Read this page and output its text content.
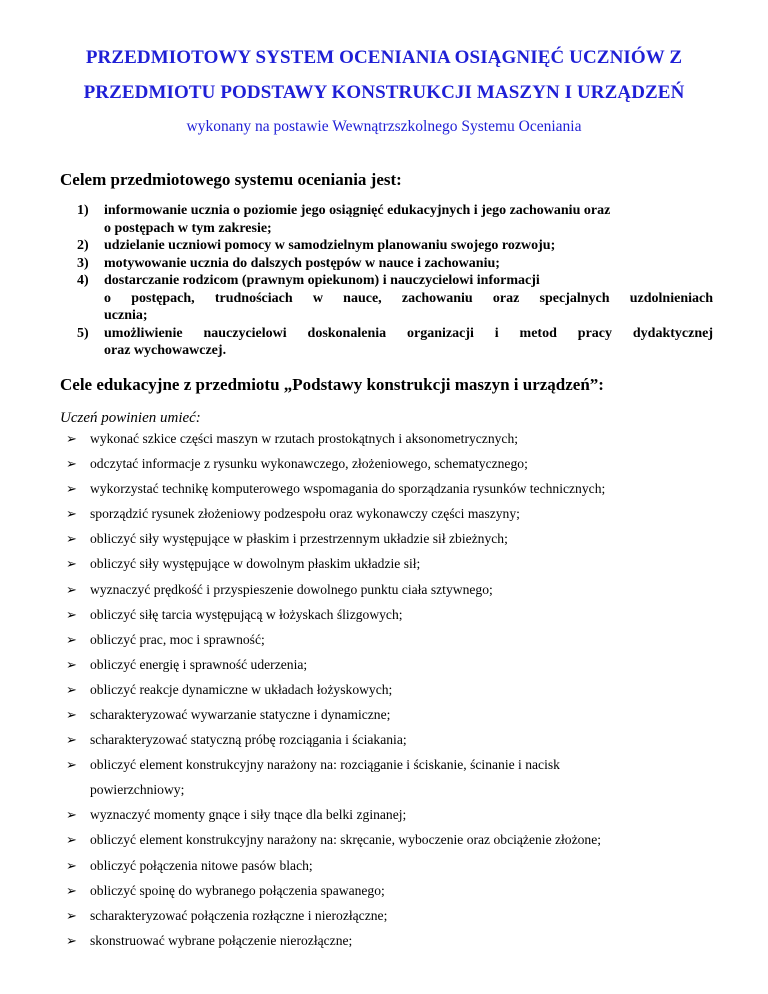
PRZEDMIOTOWY SYSTEM OCENIANIA OSIĄGNIĘĆ UCZNIÓW Z
PRZEDMIOTU PODSTAWY KONSTRUKCJI MASZYN I URZĄDZEŃ
wykonany na postawie Wewnątrzszkolnego Systemu Oceniania
Celem przedmiotowego systemu oceniania jest:
1)	informowanie ucznia o poziomie jego osiągnięć edukacyjnych i jego zachowaniu oraz
o postępach w tym zakresie;
2)	udzielanie uczniowi pomocy w samodzielnym planowaniu swojego rozwoju;
3)	motywowanie ucznia do dalszych postępów w nauce i zachowaniu;
4)	dostarczanie rodzicom (prawnym opiekunom) i nauczycielowi informacji
o postępach, trudnościach w nauce, zachowaniu oraz specjalnych uzdolnieniach
ucznia;
5)	umożliwienie nauczycielowi doskonalenia organizacji i metod pracy dydaktycznej
oraz wychowawczej.
Cele edukacyjne z przedmiotu „Podstawy konstrukcji maszyn i urządzeń”:
Uczeń powinien umieć:
➢ wykonać szkice części maszyn w rzutach prostokątnych i aksonometrycznych;
➢ odczytać informacje z rysunku wykonawczego, złożeniowego, schematycznego;
➢ wykorzystać technikę komputerowego wspomagania do sporządzania rysunków technicznych;
➢ sporządzić rysunek złożeniowy podzespołu oraz wykonawczy części maszyny;
➢ obliczyć siły występujące w płaskim i przestrzennym układzie sił zbieżnych;
➢ obliczyć siły występujące w dowolnym płaskim układzie sił;
➢ wyznaczyć prędkość i przyspieszenie dowolnego punktu ciała sztywnego;
➢ obliczyć siłę tarcia występującą w łożyskach ślizgowych;
➢ obliczyć prac, moc i sprawność;
➢ obliczyć energię i sprawność uderzenia;
➢ obliczyć reakcje dynamiczne w układach łożyskowych;
➢ scharakteryzować wywarzanie statyczne i dynamiczne;
➢ scharakteryzować statyczną próbę rozciągania i ściakania;
➢ obliczyć element konstrukcyjny narażony na: rozciąganie i ściskanie, ścinanie i nacisk
powierzchniowy;
➢ wyznaczyć momenty gnące i siły tnące dla belki zginanej;
➢ obliczyć element konstrukcyjny narażony na: skręcanie, wyboczenie oraz obciążenie złożone;
➢ obliczyć połączenia nitowe pasów blach;
➢ obliczyć spoinę do wybranego połączenia spawanego;
➢ scharakteryzować połączenia rozłączne i nierozłączne;
➢ skonstruować wybrane połączenie nierozłączne;
